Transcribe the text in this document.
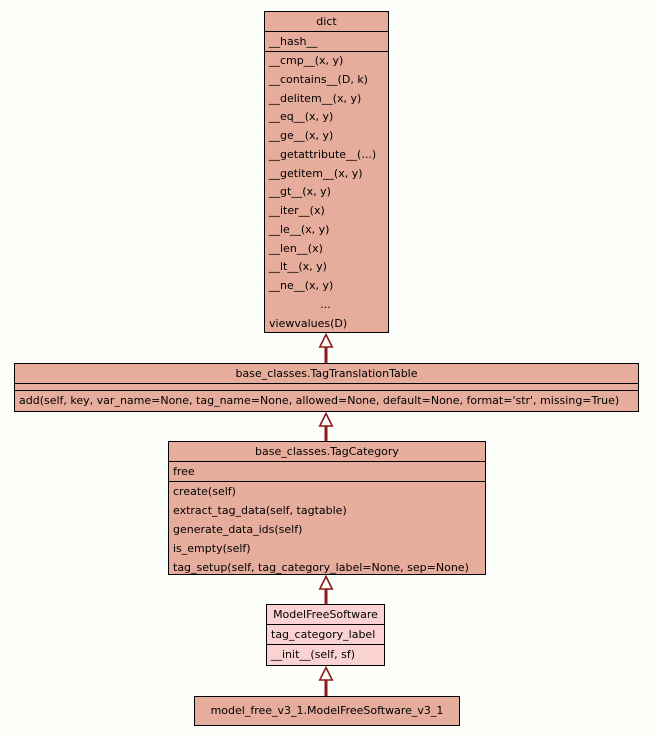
dict
__hash__
__cmp__(x, y)
__contains__(D, k)
__delitem__(x, y)
__eq__(x, y)
__ge__(x, y)
__getattribute__(...)
__getitem__(x, y)
__gt__(x, y)
__iter__(x)
__le__(x, y)
__len__(x)
__lt__(x, y)
__ne__(x, y)
...
viewvalues(D)
base_classes.TagTranslationTable
add(self, key, var_name=None, tag_name=None, allowed=None, default=None, format='str', missing=True)
base_classes.TagCategory
free
create(self)
extract_tag_data(self, tagtable)
generate_data_ids(self)
is_empty(self)
tag_setup(self, tag_category_label=None, sep=None)
ModelFreeSoftware
tag_category_label
__init__(self, sf)
model_free_v3_1.ModelFreeSoftware_v3_1
